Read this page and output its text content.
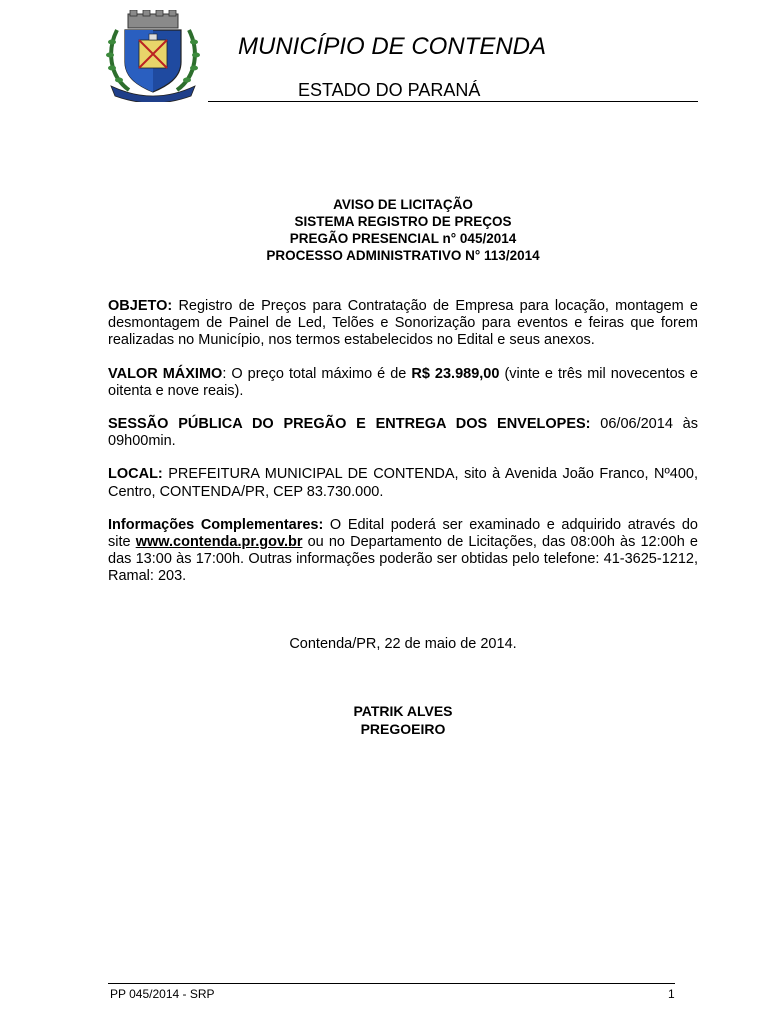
MUNICÍPIO DE CONTENDA
ESTADO DO PARANÁ
AVISO DE LICITAÇÃO
SISTEMA REGISTRO DE PREÇOS
PREGÃO PRESENCIAL n° 045/2014
PROCESSO ADMINISTRATIVO N° 113/2014

OBJETO: Registro de Preços para Contratação de Empresa para locação, montagem e desmontagem de Painel de Led, Telões e Sonorização para eventos e feiras que forem realizadas no Município, nos termos estabelecidos no Edital e seus anexos.

VALOR MÁXIMO: O preço total máximo é de R$ 23.989,00 (vinte e três mil novecentos e oitenta e nove reais).

SESSÃO PÚBLICA DO PREGÃO E ENTREGA DOS ENVELOPES: 06/06/2014 às 09h00min.

LOCAL: PREFEITURA MUNICIPAL DE CONTENDA, sito à Avenida João Franco, Nº400, Centro, CONTENDA/PR, CEP 83.730.000.

Informações Complementares: O Edital poderá ser examinado e adquirido através do site www.contenda.pr.gov.br ou no Departamento de Licitações, das 08:00h às 12:00h e das 13:00 às 17:00h. Outras informações poderão ser obtidas pelo telefone: 41-3625-1212, Ramal: 203.

Contenda/PR, 22 de maio de 2014.
PATRIK ALVES
PREGOEIRO
PP 045/2014 - SRP	1
